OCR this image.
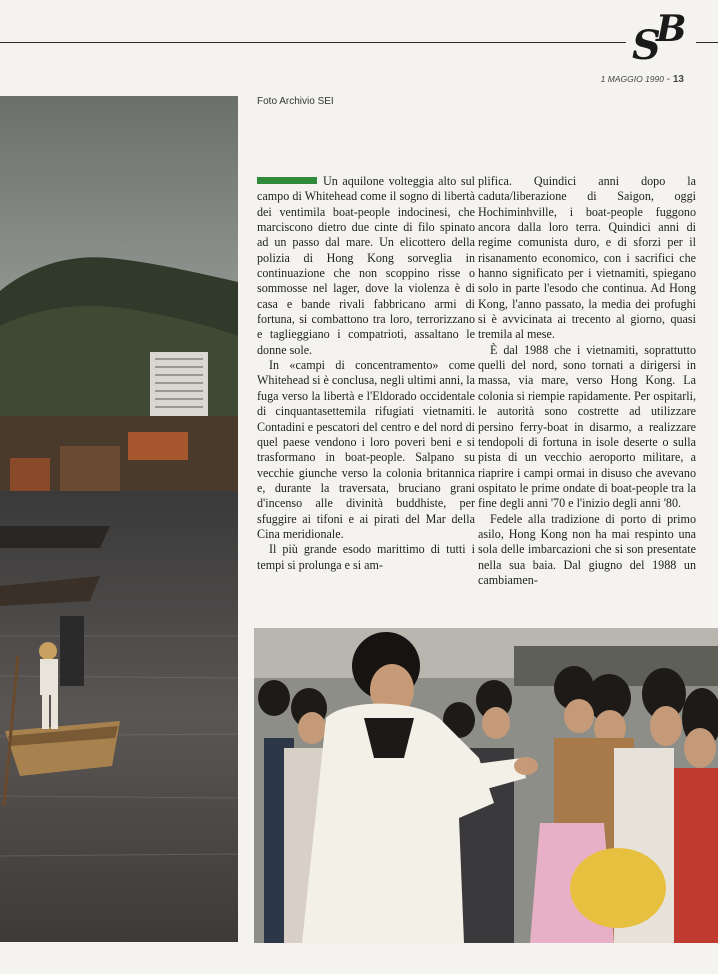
S
B
1 MAGGIO 1990 - 13
Foto Archivio SEI

Un aquilone volteggia alto sul campo di Whitehead come il sogno di libertà dei ventimila boat-people indocinesi, che marciscono dietro due cinte di filo spinato ad un passo dal mare. Un elicottero della polizia di Hong Kong sorveglia in continuazione che non scoppino risse o sommosse nel lager, dove la violenza è di casa e bande rivali fabbricano armi di fortuna, si combattono tra loro, terrorizzano e taglieggiano i compatrioti, assaltano le donne sole.

In «campi di concentramento» come Whitehead si è conclusa, negli ultimi anni, la fuga verso la libertà e l'Eldorado occidentale di cinquantasettemila rifugiati vietnamiti. Contadini e pescatori del centro e del nord di quel paese vendono i loro poveri beni e si trasformano in boat-people. Salpano su vecchie giunche verso la colonia britannica e, durante la traversata, bruciano grani d'incenso alle divinità buddhiste, per sfuggire ai tifoni e ai pirati del Mar della Cina meridionale.

Il più grande esodo marittimo di tutti i tempi si prolunga e si am-

plifica. Quindici anni dopo la caduta/liberazione di Saigon, oggi Hochiminhville, i boat-people fuggono ancora dalla loro terra. Quindici anni di regime comunista duro, e di sforzi per il risanamento economico, con i sacrifici che hanno significato per i vietnamiti, spiegano solo in parte l'esodo che continua. Ad Hong Kong, l'anno passato, la media dei profughi si è avvicinata ai trecento al giorno, quasi tremila al mese.

È dal 1988 che i vietnamiti, soprattutto quelli del nord, sono tornati a dirigersi in massa, via mare, verso Hong Kong. La colonia si riempie rapidamente. Per ospitarli, le autorità sono costrette ad utilizzare persino ferry-boat in disarmo, a realizzare tendopoli di fortuna in isole deserte o sulla pista di un vecchio aeroporto militare, a riaprire i campi ormai in disuso che avevano ospitato le prime ondate di boat-people tra la fine degli anni '70 e l'inizio degli anni '80.

Fedele alla tradizione di porto di primo asilo, Hong Kong non ha mai respinto una sola delle imbarcazioni che si son presentate nella sua baia. Dal giugno del 1988 un cambiamen-
